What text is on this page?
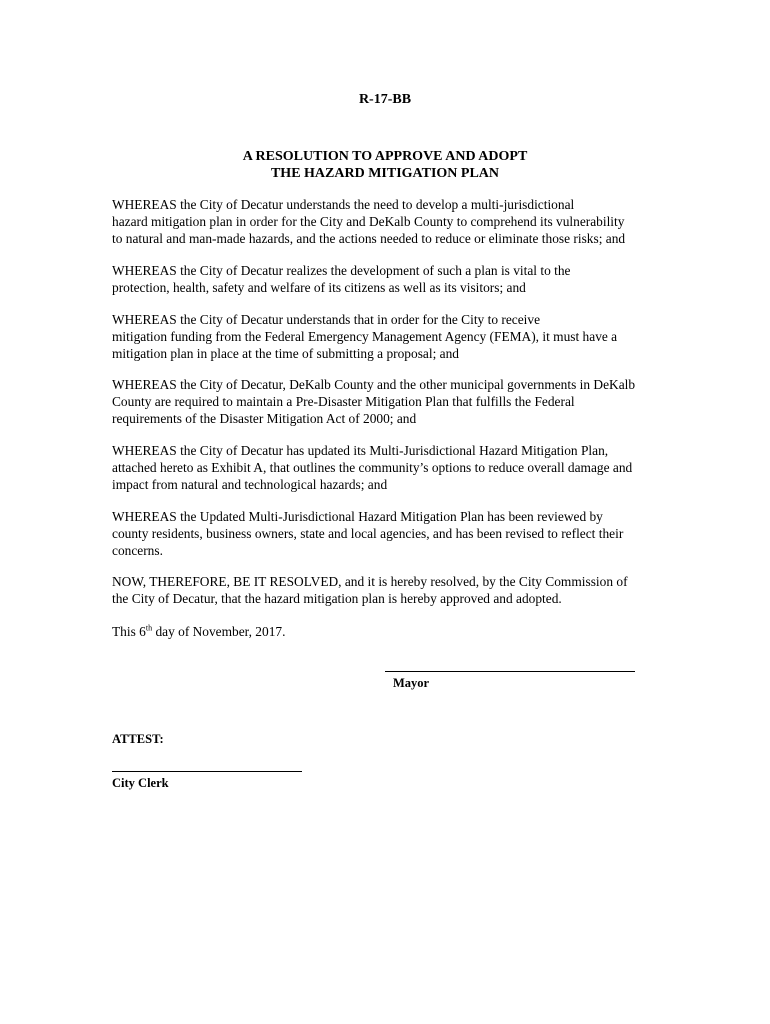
R-17-BB
A RESOLUTION TO APPROVE AND ADOPT
THE HAZARD MITIGATION PLAN
WHEREAS the City of Decatur understands the need to develop a multi-jurisdictional
hazard mitigation plan in order for the City and DeKalb County to comprehend its vulnerability
to natural and man-made hazards, and the actions needed to reduce or eliminate those risks; and
WHEREAS the City of Decatur realizes the development of such a plan is vital to the
protection, health, safety and welfare of its citizens as well as its visitors; and
WHEREAS the City of Decatur understands that in order for the City to receive
mitigation funding from the Federal Emergency Management Agency (FEMA), it must have a
mitigation plan in place at the time of submitting a proposal; and
WHEREAS the City of Decatur, DeKalb County and the other municipal governments in DeKalb
County are required to maintain a Pre-Disaster Mitigation Plan that fulfills the Federal
requirements of the Disaster Mitigation Act of 2000; and
WHEREAS the City of Decatur has updated its Multi-Jurisdictional Hazard Mitigation Plan,
attached hereto as Exhibit A, that outlines the community’s options to reduce overall damage and
impact from natural and technological hazards; and
WHEREAS the Updated Multi-Jurisdictional Hazard Mitigation Plan has been reviewed by
county residents, business owners, state and local agencies, and has been revised to reflect their
concerns.
NOW, THEREFORE, BE IT RESOLVED, and it is hereby resolved, by the City Commission of
the City of Decatur, that the hazard mitigation plan is hereby approved and adopted.
This 6th day of November, 2017.
Mayor
ATTEST:
City Clerk
